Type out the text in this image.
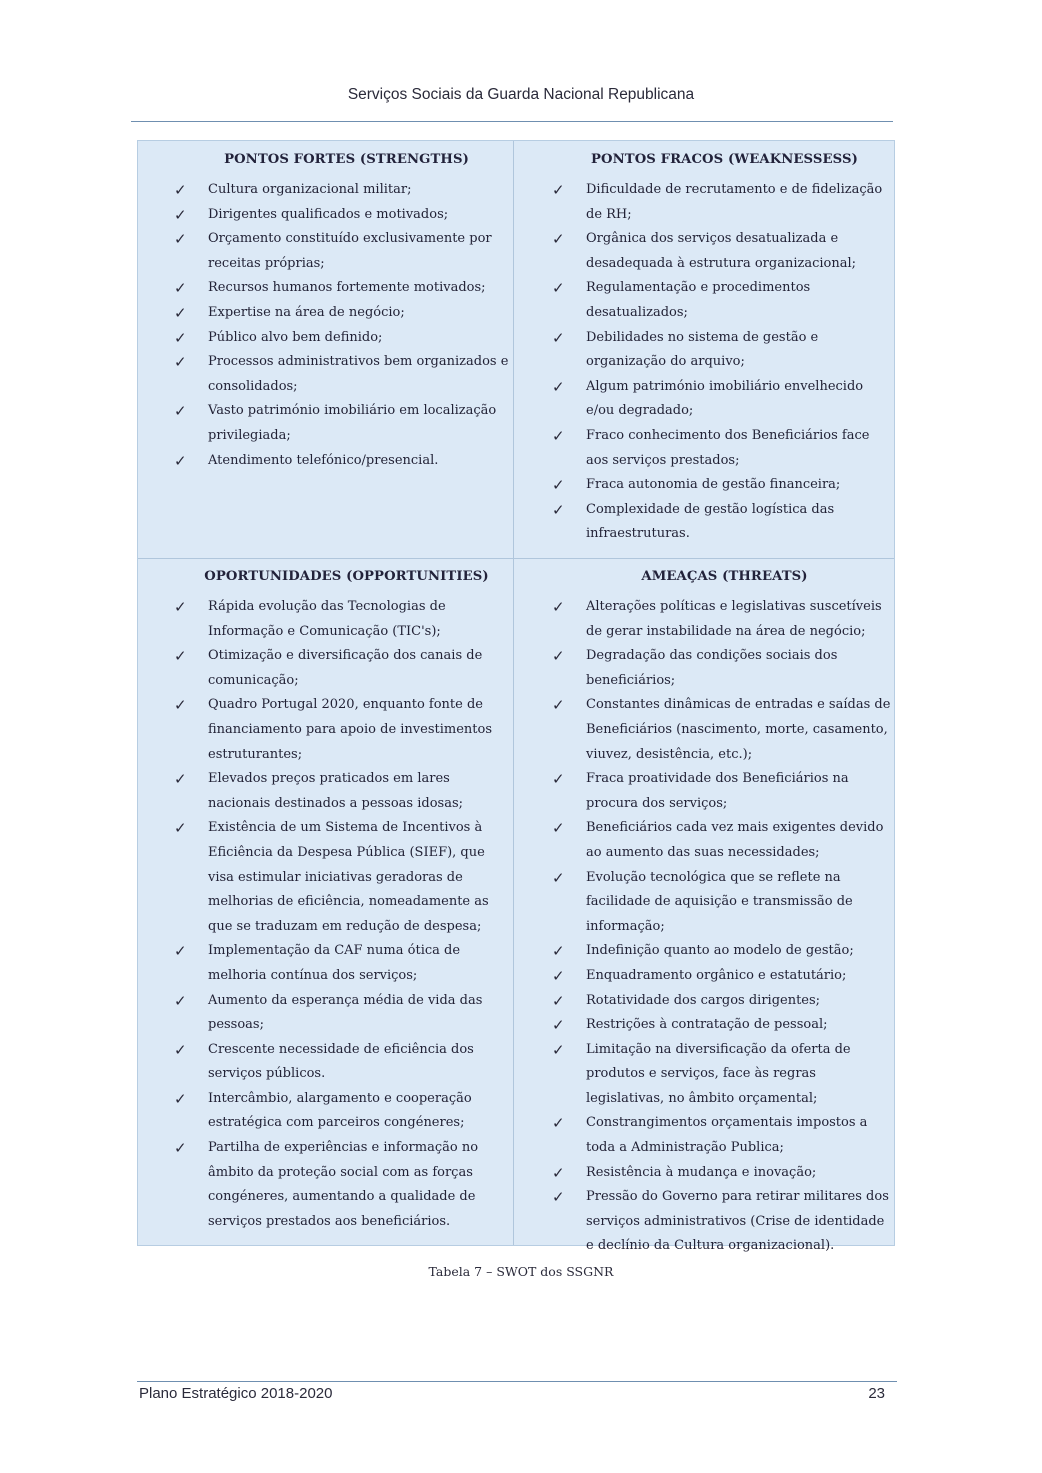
Serviços Sociais da Guarda Nacional Republicana
PONTOS FORTES (STRENGTHS)
✓ Cultura organizacional militar;
✓ Dirigentes qualificados e motivados;
✓ Orçamento constituído exclusivamente por receitas próprias;
✓ Recursos humanos fortemente motivados;
✓ Expertise na área de negócio;
✓ Público alvo bem definido;
✓ Processos administrativos bem organizados e consolidados;
✓ Vasto património imobiliário em localização privilegiada;
✓ Atendimento telefónico/presencial.
PONTOS FRACOS (WEAKNESSESS)
✓ Dificuldade de recrutamento e de fidelização de RH;
✓ Orgânica dos serviços desatualizada e desadequada à estrutura organizacional;
✓ Regulamentação e procedimentos desatualizados;
✓ Debilidades no sistema de gestão e organização do arquivo;
✓ Algum património imobiliário envelhecido e/ou degradado;
✓ Fraco conhecimento dos Beneficiários face aos serviços prestados;
✓ Fraca autonomia de gestão financeira;
✓ Complexidade de gestão logística das infraestruturas.
OPORTUNIDADES (OPPORTUNITIES)
✓ Rápida evolução das Tecnologias de Informação e Comunicação (TIC's);
✓ Otimização e diversificação dos canais de comunicação;
✓ Quadro Portugal 2020, enquanto fonte de financiamento para apoio de investimentos estruturantes;
✓ Elevados preços praticados em lares nacionais destinados a pessoas idosas;
✓ Existência de um Sistema de Incentivos à Eficiência da Despesa Pública (SIEF), que visa estimular iniciativas geradoras de melhorias de eficiência, nomeadamente as que se traduzam em redução de despesa;
✓ Implementação da CAF numa ótica de melhoria contínua dos serviços;
✓ Aumento da esperança média de vida das pessoas;
✓ Crescente necessidade de eficiência dos serviços públicos.
✓ Intercâmbio, alargamento e cooperação estratégica com parceiros congéneres;
✓ Partilha de experiências e informação no âmbito da proteção social com as forças congéneres, aumentando a qualidade de serviços prestados aos beneficiários.
AMEAÇAS (THREATS)
✓ Alterações políticas e legislativas suscetíveis de gerar instabilidade na área de negócio;
✓ Degradação das condições sociais dos beneficiários;
✓ Constantes dinâmicas de entradas e saídas de Beneficiários (nascimento, morte, casamento, viuvez, desistência, etc.);
✓ Fraca proatividade dos Beneficiários na procura dos serviços;
✓ Beneficiários cada vez mais exigentes devido ao aumento das suas necessidades;
✓ Evolução tecnológica que se reflete na facilidade de aquisição e transmissão de informação;
✓ Indefinição quanto ao modelo de gestão;
✓ Enquadramento orgânico e estatutário;
✓ Rotatividade dos cargos dirigentes;
✓ Restrições à contratação de pessoal;
✓ Limitação na diversificação da oferta de produtos e serviços, face às regras legislativas, no âmbito orçamental;
✓ Constrangimentos orçamentais impostos a toda a Administração Publica;
✓ Resistência à mudança e inovação;
✓ Pressão do Governo para retirar militares dos serviços administrativos (Crise de identidade e declínio da Cultura organizacional).
Tabela 7 – SWOT dos SSGNR
Plano Estratégico 2018-2020	23
